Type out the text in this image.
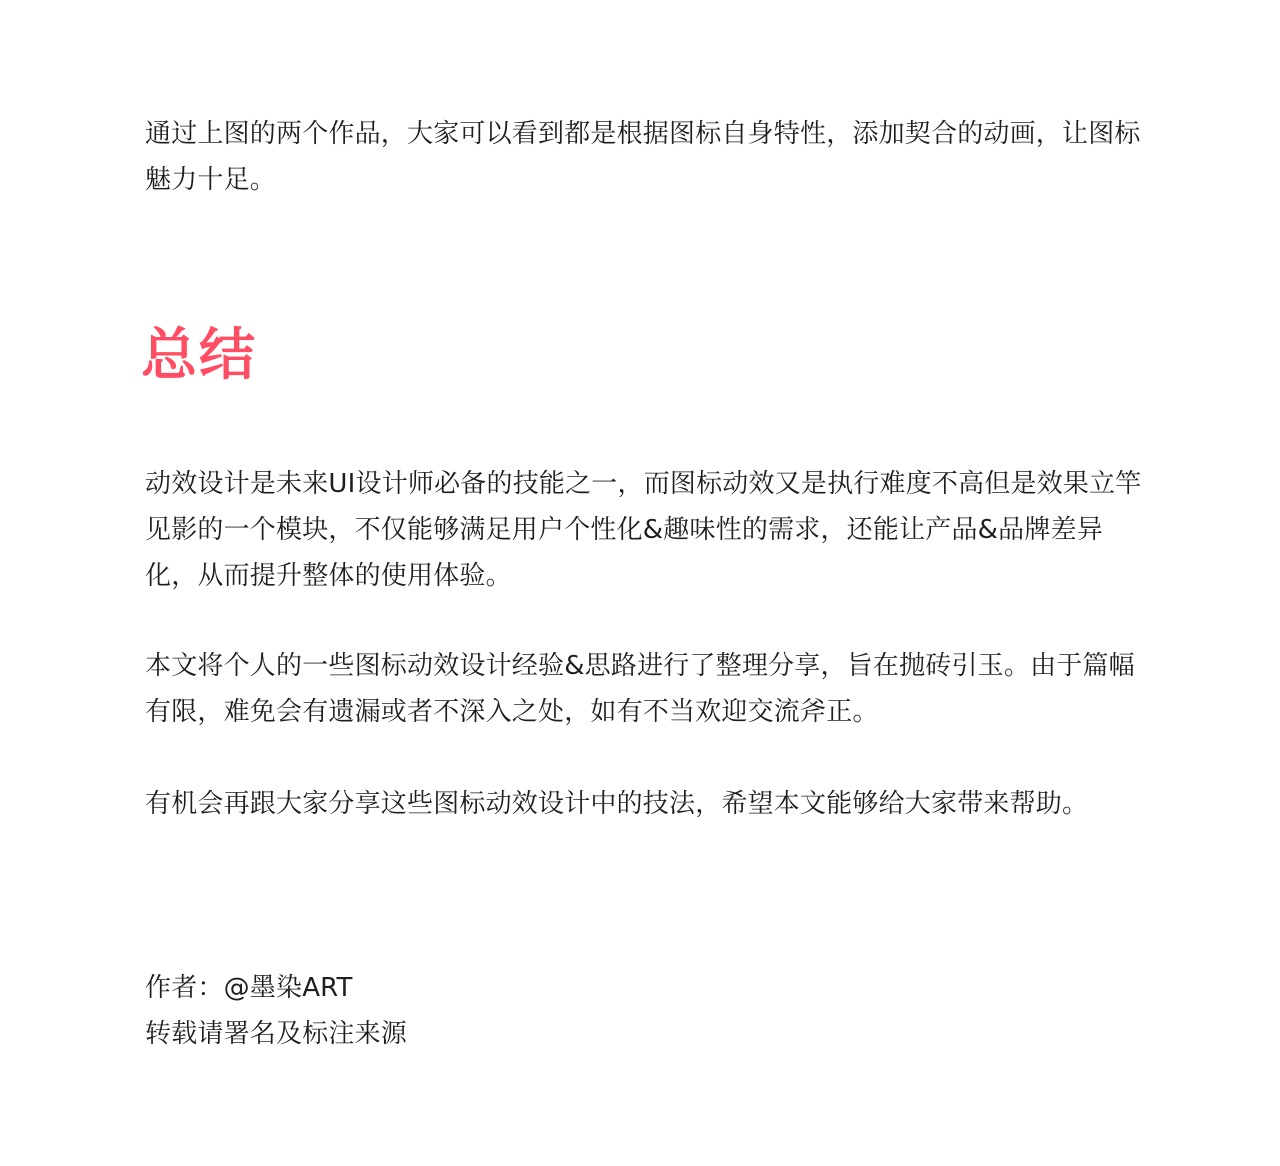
通过上图的两个作品，大家可以看到都是根据图标自身特性，添加契合的动画，让图标魅力十足。

总结

动效设计是未来UI设计师必备的技能之一，而图标动效又是执行难度不高但是效果立竿见影的一个模块，不仅能够满足用户个性化&趣味性的需求，还能让产品&品牌差异化，从而提升整体的使用体验。

本文将个人的一些图标动效设计经验&思路进行了整理分享，旨在抛砖引玉。由于篇幅有限，难免会有遗漏或者不深入之处，如有不当欢迎交流斧正。

有机会再跟大家分享这些图标动效设计中的技法，希望本文能够给大家带来帮助。

作者：@墨染ART

转载请署名及标注来源
